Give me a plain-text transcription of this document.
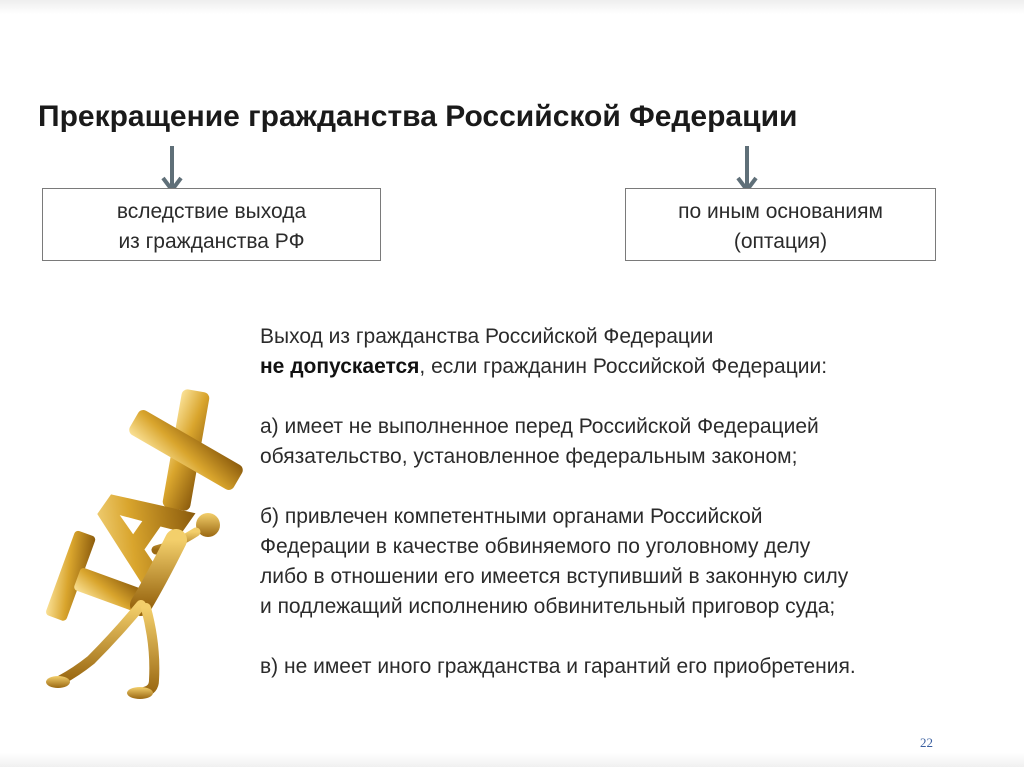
Прекращение гражданства Российской Федерации
вследствие выхода
из гражданства РФ
по иным основаниям
(оптация)

Выход из гражданства Российской Федерации

не допускается, если гражданин Российской Федерации:

а) имеет не выполненное перед Российской Федерацией

обязательство, установленное федеральным законом;

б) привлечен компетентными органами Российской

Федерации в качестве обвиняемого по уголовному делу

либо в отношении его имеется вступивший в законную силу

и подлежащий исполнению обвинительный приговор суда;

в) не имеет иного гражданства и гарантий его приобретения.

22
